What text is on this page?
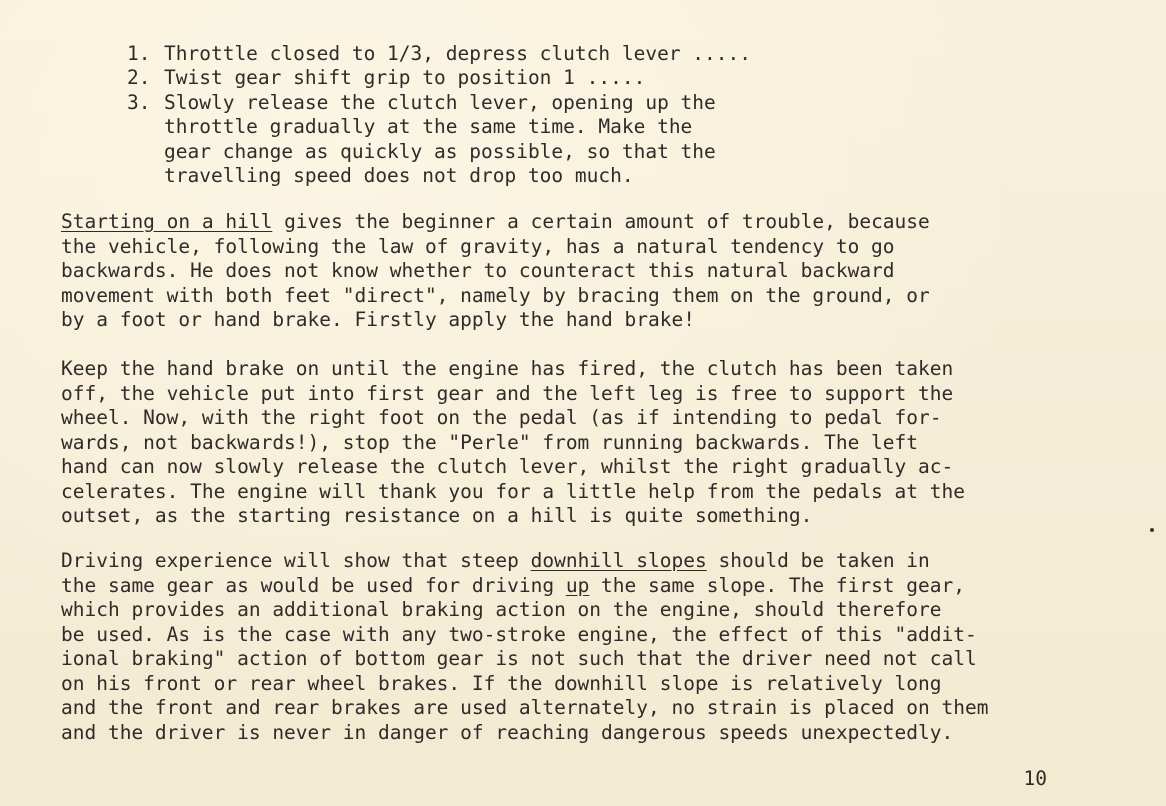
1. Throttle closed to 1/3, depress clutch lever .....
2. Twist gear shift grip to position 1 .....
3. Slowly release the clutch lever, opening up the
throttle gradually at the same time. Make the
gear change as quickly as possible, so that the
travelling speed does not drop too much.

Starting on a hill gives the beginner a certain amount of trouble, because
the vehicle, following the law of gravity, has a natural tendency to go
backwards. He does not know whether to counteract this natural backward
movement with both feet "direct", namely by bracing them on the ground, or
by a foot or hand brake. Firstly apply the hand brake!

Keep the hand brake on until the engine has fired, the clutch has been taken
off, the vehicle put into first gear and the left leg is free to support the
wheel. Now, with the right foot on the pedal (as if intending to pedal for-
wards, not backwards!), stop the "Perle" from running backwards. The left
hand can now slowly release the clutch lever, whilst the right gradually ac-
celerates. The engine will thank you for a little help from the pedals at the
outset, as the starting resistance on a hill is quite something.

Driving experience will show that steep downhill slopes should be taken in
the same gear as would be used for driving up the same slope. The first gear,
which provides an additional braking action on the engine, should therefore
be used. As is the case with any two-stroke engine, the effect of this "addit-
ional braking" action of bottom gear is not such that the driver need not call
on his front or rear wheel brakes. If the downhill slope is relatively long
and the front and rear brakes are used alternately, no strain is placed on them
and the driver is never in danger of reaching dangerous speeds unexpectedly.

10
